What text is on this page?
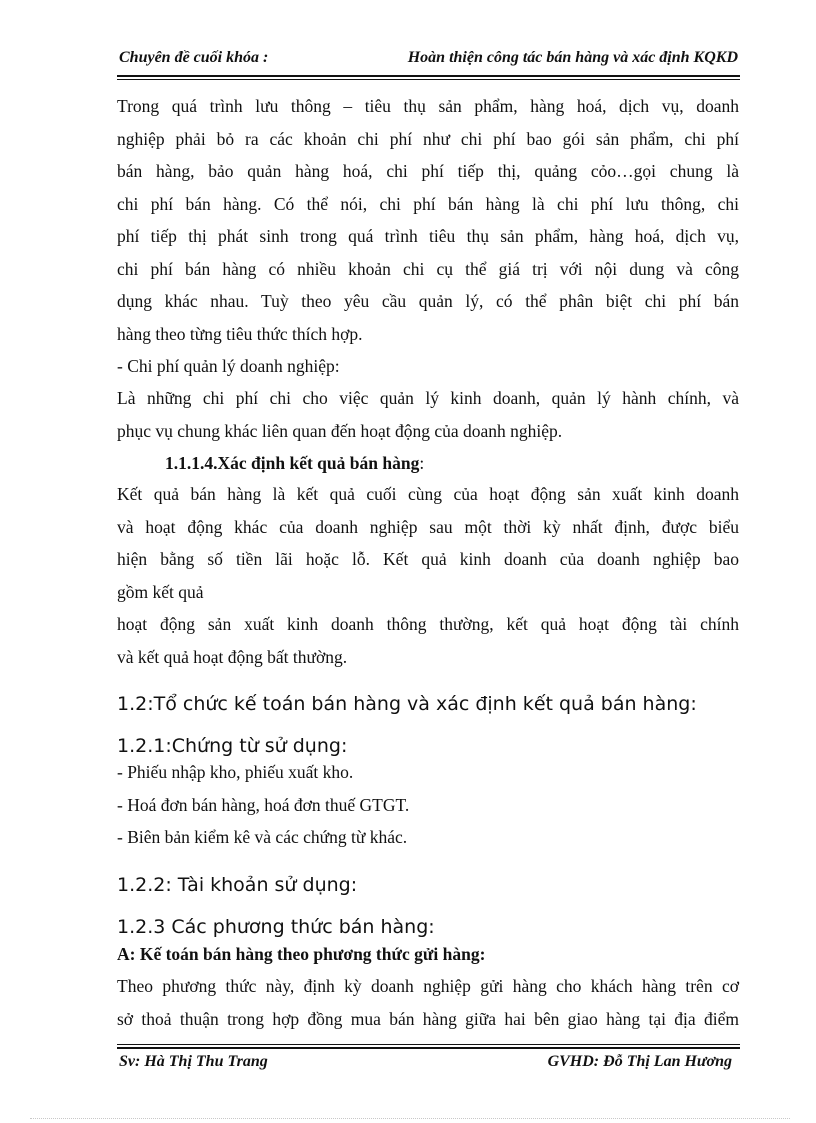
Chuyên đề cuối khóa :	Hoàn thiện công tác bán hàng và xác định KQKD
Trong quá trình lưu thông – tiêu thụ sản phẩm, hàng hoá, dịch vụ, doanh
nghiệp phải bỏ ra các khoản chi phí như chi phí bao gói sản phẩm, chi phí
bán hàng, bảo quản hàng hoá, chi phí tiếp thị, quảng cỏo…gọi chung là
chi phí bán hàng. Có thể nói, chi phí bán hàng là chi phí lưu thông, chi
phí tiếp thị phát sinh trong quá trình tiêu thụ sản phẩm, hàng hoá, dịch vụ,
chi phí bán hàng có nhiều khoản chi cụ thể giá trị với nội dung và công
dụng khác nhau. Tuỳ theo yêu cầu quản lý, có thể phân biệt chi phí bán
hàng theo từng tiêu thức thích hợp.
- Chi phí quản lý doanh nghiệp:
Là những chi phí chi cho việc quản lý kinh doanh, quản lý hành chính, và
phục vụ chung khác liên quan đến hoạt động của doanh nghiệp.
1.1.1.4.Xác định kết quả bán hàng:
Kết quả bán hàng là kết quả cuối cùng của hoạt động sản xuất kinh doanh
và hoạt động khác của doanh nghiệp sau một thời kỳ nhất định, được biểu
hiện bằng số tiền lãi hoặc lỗ. Kết quả kinh doanh của doanh nghiệp bao
gồm kết quả
hoạt động sản xuất kinh doanh thông thường, kết quả hoạt động tài chính
và kết quả hoạt động bất thường.
1.2:Tổ chức kế toán bán hàng và xác định kết quả bán hàng:
1.2.1:Chứng từ sử dụng:
- Phiếu nhập kho, phiếu xuất kho.
- Hoá đơn bán hàng, hoá đơn thuế GTGT.
- Biên bản kiểm kê và các chứng từ khác.
1.2.2: Tài khoản sử dụng:
1.2.3 Các phương thức bán hàng:
A: Kế toán bán hàng theo phương thức gửi hàng:
Theo phương thức này, định kỳ doanh nghiệp gửi hàng cho khách hàng trên cơ
sở thoả thuận trong hợp đồng mua bán hàng giữa hai bên giao hàng tại địa điểm
Sv: Hà Thị Thu Trang	GVHD: Đỗ Thị Lan Hương
